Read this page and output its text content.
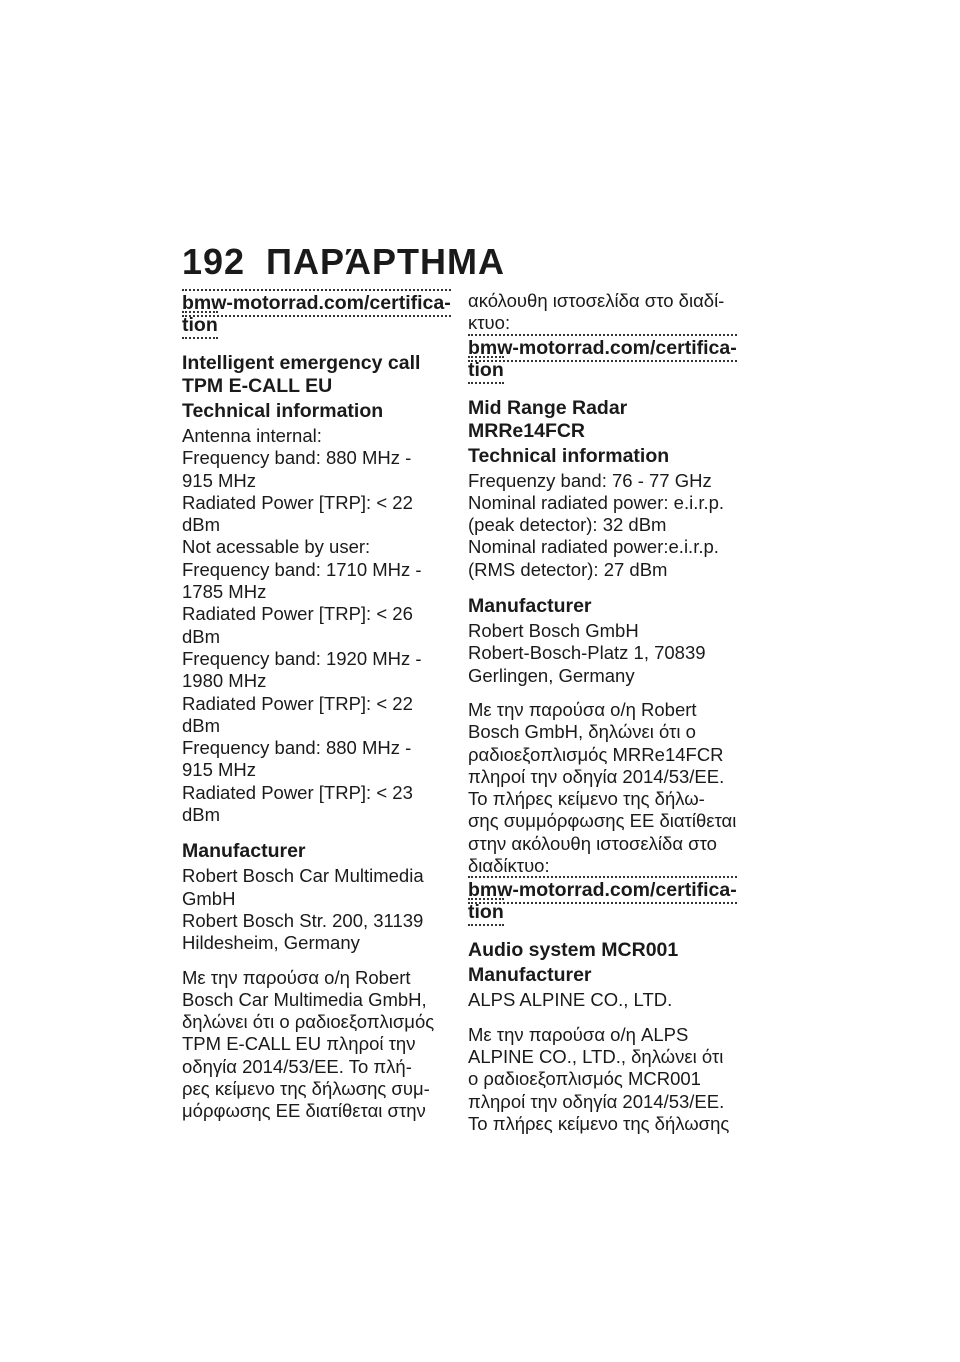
192 ΠΑΡΆΡΤΗΜΑ
bmw-motorrad.com/certifica-
tion
Intelligent emergency call
TPM E-CALL EU
Technical information
Antenna internal:
Frequency band: 880 MHz -
915 MHz
Radiated Power [TRP]: < 22
dBm
Not acessable by user:
Frequency band: 1710 MHz -
1785 MHz
Radiated Power [TRP]: < 26
dBm
Frequency band: 1920 MHz -
1980 MHz
Radiated Power [TRP]: < 22
dBm
Frequency band: 880 MHz -
915 MHz
Radiated Power [TRP]: < 23
dBm
Manufacturer
Robert Bosch Car Multimedia
GmbH
Robert Bosch Str. 200, 31139
Hildesheim, Germany
Με την παρούσα ο/η Robert
Bosch Car Multimedia GmbH,
δηλώνει ότι ο ραδιοεξοπλισμός
TPM E-CALL EU πληροί την
οδηγία 2014/53/ΕΕ. Το πλή-
ρες κείμενο της δήλωσης συμ-
μόρφωσης ΕΕ διατίθεται στην
ακόλουθη ιστοσελίδα στο διαδί-
κτυο:
bmw-motorrad.com/certifica-
tion
Mid Range Radar
MRRe14FCR
Technical information
Frequenzy band: 76 - 77 GHz
Nominal radiated power: e.i.r.p.
(peak detector): 32 dBm
Nominal radiated power:e.i.r.p.
(RMS detector): 27 dBm
Manufacturer
Robert Bosch GmbH
Robert-Bosch-Platz 1, 70839
Gerlingen, Germany
Με την παρούσα ο/η Robert
Bosch GmbH, δηλώνει ότι ο
ραδιοεξοπλισμός MRRe14FCR
πληροί την οδηγία 2014/53/ΕΕ.
Το πλήρες κείμενο της δήλω-
σης συμμόρφωσης ΕΕ διατίθεται
στην ακόλουθη ιστοσελίδα στο
διαδίκτυο:
bmw-motorrad.com/certifica-
tion
Audio system MCR001
Manufacturer
ALPS ALPINE CO., LTD.
Με την παρούσα ο/η ALPS
ALPINE CO., LTD., δηλώνει ότι
ο ραδιοεξοπλισμός MCR001
πληροί την οδηγία 2014/53/ΕΕ.
Το πλήρες κείμενο της δήλωσης
